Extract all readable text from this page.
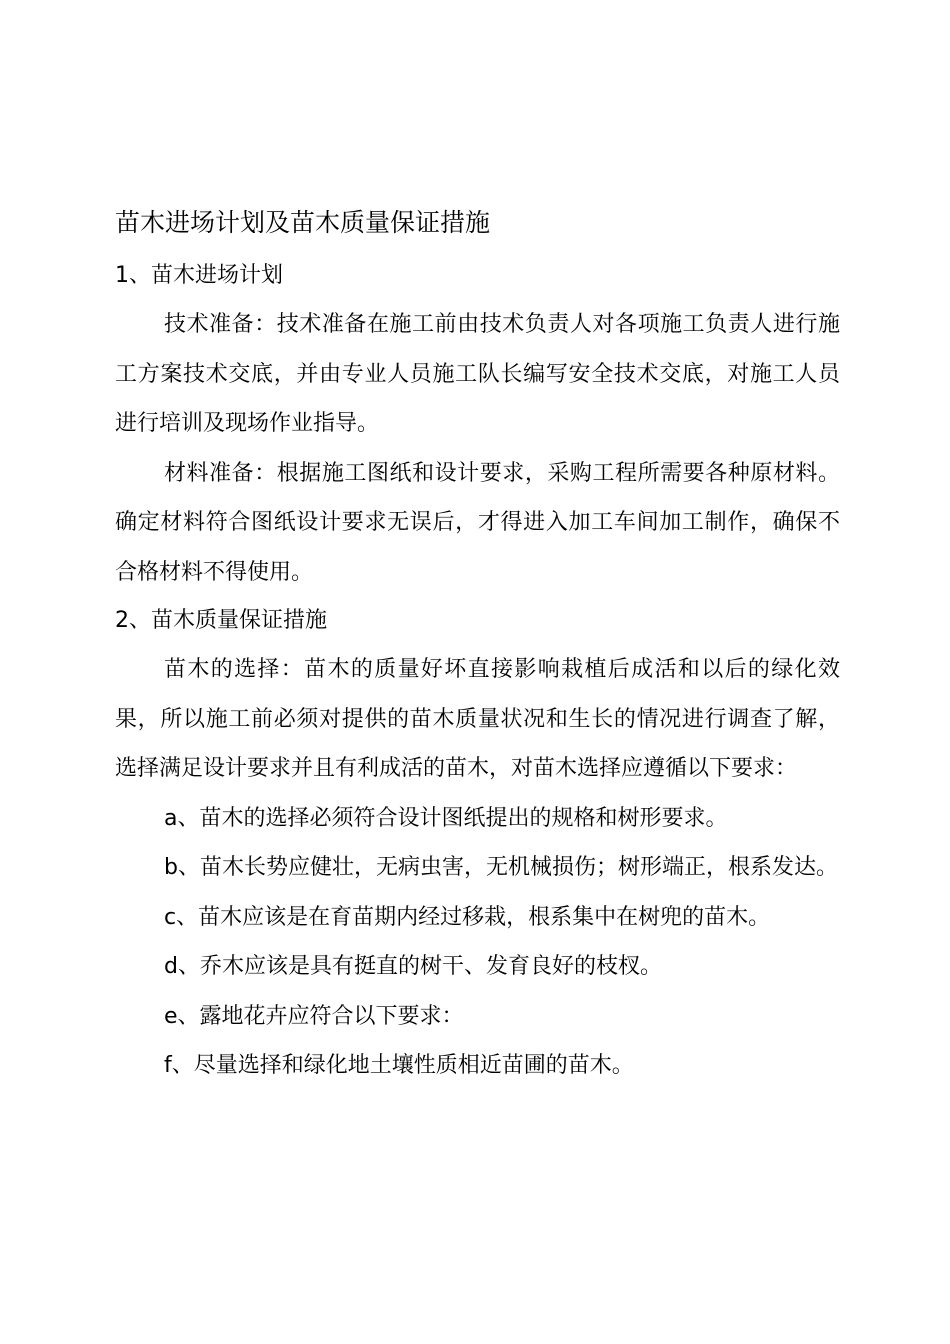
苗木进场计划及苗木质量保证措施
1、苗木进场计划

技术准备：技术准备在施工前由技术负责人对各项施工负责人进行施工方案技术交底，并由专业人员施工队长编写安全技术交底，对施工人员进行培训及现场作业指导。

材料准备：根据施工图纸和设计要求，采购工程所需要各种原材料。确定材料符合图纸设计要求无误后，才得进入加工车间加工制作，确保不合格材料不得使用。

2、苗木质量保证措施

苗木的选择：苗木的质量好坏直接影响栽植后成活和以后的绿化效果，所以施工前必须对提供的苗木质量状况和生长的情况进行调查了解，选择满足设计要求并且有利成活的苗木，对苗木选择应遵循以下要求：

a、苗木的选择必须符合设计图纸提出的规格和树形要求。

b、苗木长势应健壮，无病虫害，无机械损伤；树形端正，根系发达。

c、苗木应该是在育苗期内经过移栽，根系集中在树兜的苗木。

d、乔木应该是具有挺直的树干、发育良好的枝杈。

e、露地花卉应符合以下要求：

f、尽量选择和绿化地土壤性质相近苗圃的苗木。
